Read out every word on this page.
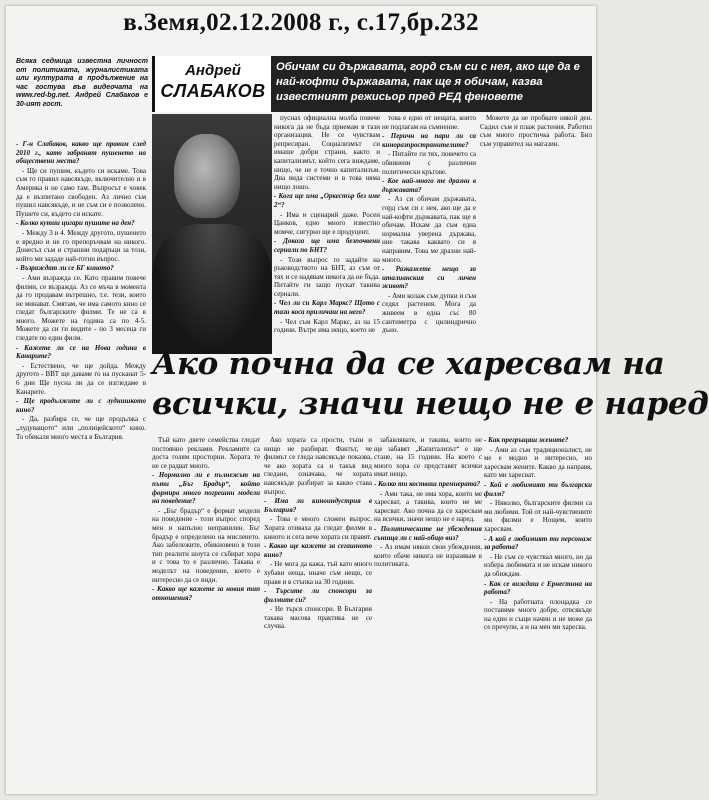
в.Земя,02.12.2008 г., с.17,бр.232
Всяка седмица известна личност от политиката, журналистиката или културата в продължение на час гостува във видеочата на www.red-bg.net. Андрей Слабаков е 30-ият гост.
Андрей
СЛАБАКОВ
Обичам си държавата, горд съм си с нея, ако ще да е най-кофти държавата, пак ще я обичам, казва известният режисьор пред РЕД феновете

- Г-н Слабаков, какво ще правим след 2010 г., като забранят пушенето на обществени места?

- Ще си пушим, където си искаме. Това съм го правил навсякъде, включително и в Америка и не само там. Въпросът е човек да е възпитано свободен. Аз лично съм пушил навсякъде, и не съм си е позволено. Пушете си, където си искате.

- Колко кутии цигари пушите на ден?

- Между 3 и 4. Между другото, пушенето е вредно и не го препоръчвам на никого. Донесъл съм и страшни подаръци за този, който ми зададе най-готин въпрос.

- Възраждат ли се БГ киното?

- Ами възражда се. Като правим повече филми, се възражда. Аз се мъча в момента да го продавам вътрешно, т.е. тези, които не минават. Смятам, че има самото кино се гледат българските филми. Те не са в много. Можете на година са по 4-5. Можете да си ги видите - по 3 месеца ги гледате по един филм.

- Кажете ли се на Нова година в Канарите?

- Естествено, че ще дойда. Между другото - ВВТ ще даваме го на пусканат 5-6 дни Ще пусна ли да се изгледаме в Канарите.

- Ще продължите ли с луднишкото кино?

- Да, разбира се, че ще продължа с „лудуващото“ или „полицейското“ кино. То обикаля много места в България.

пуснах официална молба повече никога да не бъда приемам в тази организация. Не се чувствам репресиран. Социализмът си имаше добри страни, както и капитализмът, който сега виждаме, нищо, че не е точно капитализъм. Два вида системи и в това няма нищо лошо.

- Кога ще има „Оркестър без име 2“?

- Има и сценарий даже. Росен Цанков, едно много известно момче, сигурно ще е продуцент.

- Докога ще има безпочвени сериали по БНТ?

- Този въпрос го задайте на ръководството на БНТ, аз съм от тях и се надявам никога да не бъда. Питайте ги защо пускат такива сериали.

- Чел ли си Карл Маркс? Щото с тази коса приличаш на него?

- Чел съм Карл Маркс, аз на 15 години. Вътре има нещо, което не

това е едно от нещата, които не подлагам на съмнение.

- Перичн на пари ли са киноразпространителите?

- Питайте ги тях, повечето са обвинени с различни политически кръгове.

- Кое най-много те дразни в държавата?

- Аз си обичам държавата, горд съм си с нея, ако ще да е най-кофти държавата, пак ще я обичам. Искам да съм една нормална уверена държава, ние такава каквато си я направим. Това ме дразни най-много.

- Разкажете нещо за италианския си личен живот?

- Ами колаж съм дупки и съм седял растения. Мога да живеем в една със 80 сантиметра с цилиндрично дъно.

Можете да не пробвате някой ден. Садил съм и плаж растения. Работил съм много простичка работа. Бил съм управител на магазин.

Ако почна да се харесвам на
всички, значи нещо не е наред

Тъй като двете семейства гледат постоянно реклами. Рекламите са доста голям просторни. Хората те не се радват много.

- Нормално ли е пълнежът на пъти „Бъг Брадър“, който формира много погрешни модели на поведение?

- „Бъг брадър“ е формат модели на поведение - този въпрос според мен и напълно неправилен. Бъг брадър е определено на мисленето. Ако забележите, обикновено в този тип реалити шоута се събират хора и с това то е различно. Такава е моделът на поведение, което е интересно да се види.

- Какво ще кажете за новия тип отношения?

Ако хората са прости, тъпи и нищо не разбират. Фактът, че филмът се гледа навсякъде показва, че ако хората са и такъв вид гледане, означава, че хората навсякъде разбират за какво става въпрос.

- Има ли киноиндустрия в България?

- Това е много сложен въпрос. Хората отиваха да гледат филми в киното и сега вече хората си правят.

- Какво ще кажете за сегашното кино?

- Не мога да кажа, тъй като много хубави неща, иначе съм нещо, се правя и в стъпка на 30 години.

- Търсите ли спонсори за филмите си?

- Не търся спонсори. В България такава масова практика не се случва.

забавлявате, и такива, които не ще забавят „Капитализът“ е ще стане, на 15 години. На което с много хора се представят всички имат нещо.

- Колко ти костваш премиерата?

- Ами така, не има хора, които ме харесват, а такива, които не ме харесват. Ако почна да се харесвам на всички, значи нещо не е наред.

- Политическите не убеждения сънища ли с най-общо виз?

- Аз имам някои свои убеждения, които обаче никога не изразявам в политиката.

- Как прегръщаш жените?

- Ами аз съм традиционалист, не ме е модно и интересно, но харесвам жените. Какво да направя, като ми харесват.

- Кой е любимият ти български филм?

- Няколко, българските филми са ми любими. Той от най-чувствените ми филми е Нощем, които харесвам.

- А кой е любимият ти персонаж за работа?

- Не съм се чувствал много, но да избера любимата и не искам никого да обиждам.

- Как се виждаш с Ернестина на работа?

- На работната площадка се поставяме много добре, отвсякъде на един и същи начин и не може да се пречупи, а и на мен ми харесва.
